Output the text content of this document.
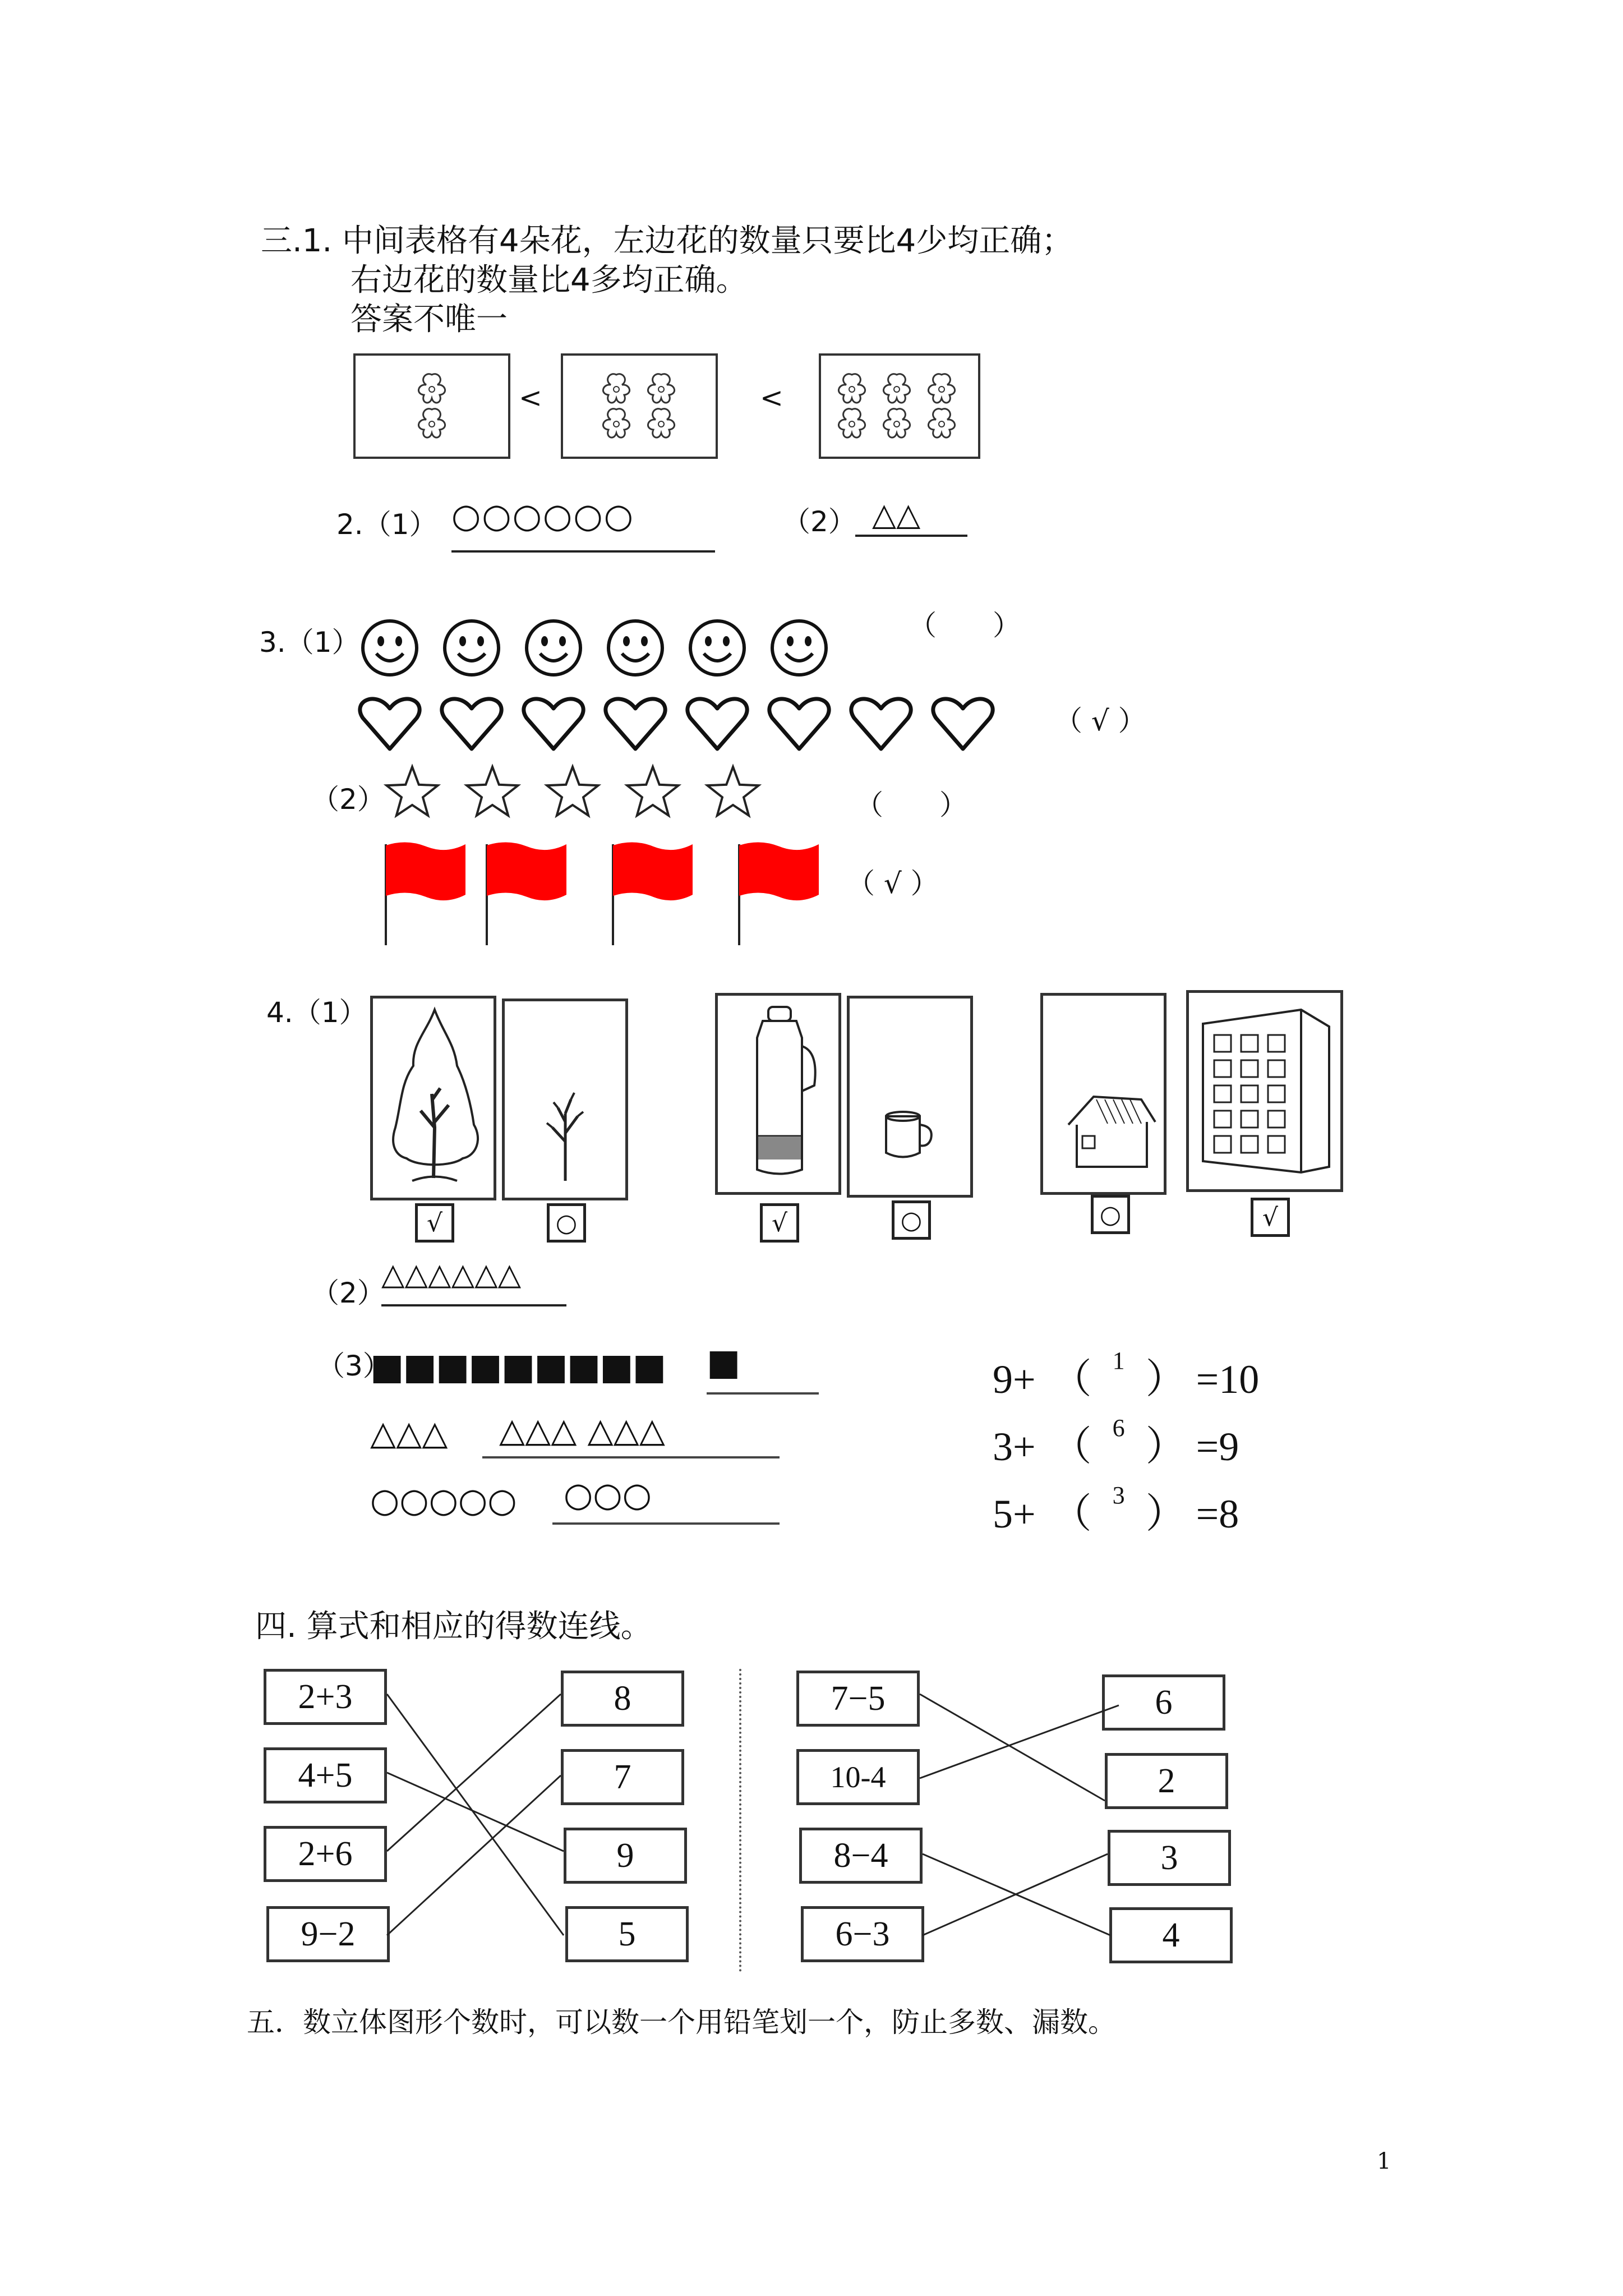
三.1. 中间表格有4朵花，左边花的数量只要比4少均正确；
右边花的数量比4多均正确。
答案不唯一
<	<
2.（1） ○○○○○○	（2） △△
3.（1）
（　　）
（ √ ）
（2）	（　　）
（ √ ）
4.（1）
√	○	√	○	○	√
（2）
△△△△△△
（3）
■■■■■■■■■ ■
△△△	△△△ △△△
○○○○○	○○○
9+ （ 1 ） =10
3+ （ 6 ） =9
5+ （ 3 ） =8
四. 算式和相应的得数连线。
2+3
4+5
2+6
9−2
8
7
9
5
7−5
10-4
8−4
6−3
6
2
3
4
五．数立体图形个数时，可以数一个用铅笔划一个，防止多数、漏数。
1
